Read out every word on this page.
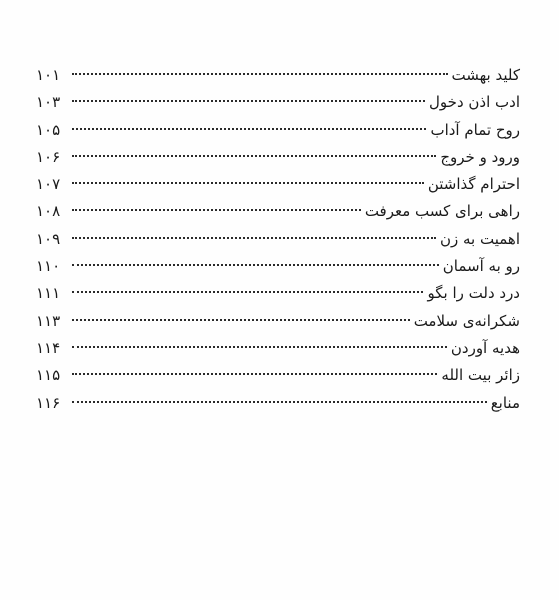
کلید بهشت
۱۰۱
ادب اذن دخول
۱۰۳
روح تمام آداب
۱۰۵
ورود و خروج
۱۰۶
احترام گذاشتن
۱۰۷
راهی برای کسب معرفت
۱۰۸
اهمیت به زن
۱۰۹
رو به آسمان
۱۱۰
درد دلت را بگو
۱۱۱
شکرانه‌ی سلامت
۱۱۳
هدیه آوردن
۱۱۴
زائر بیت الله
۱۱۵
منابع
۱۱۶
